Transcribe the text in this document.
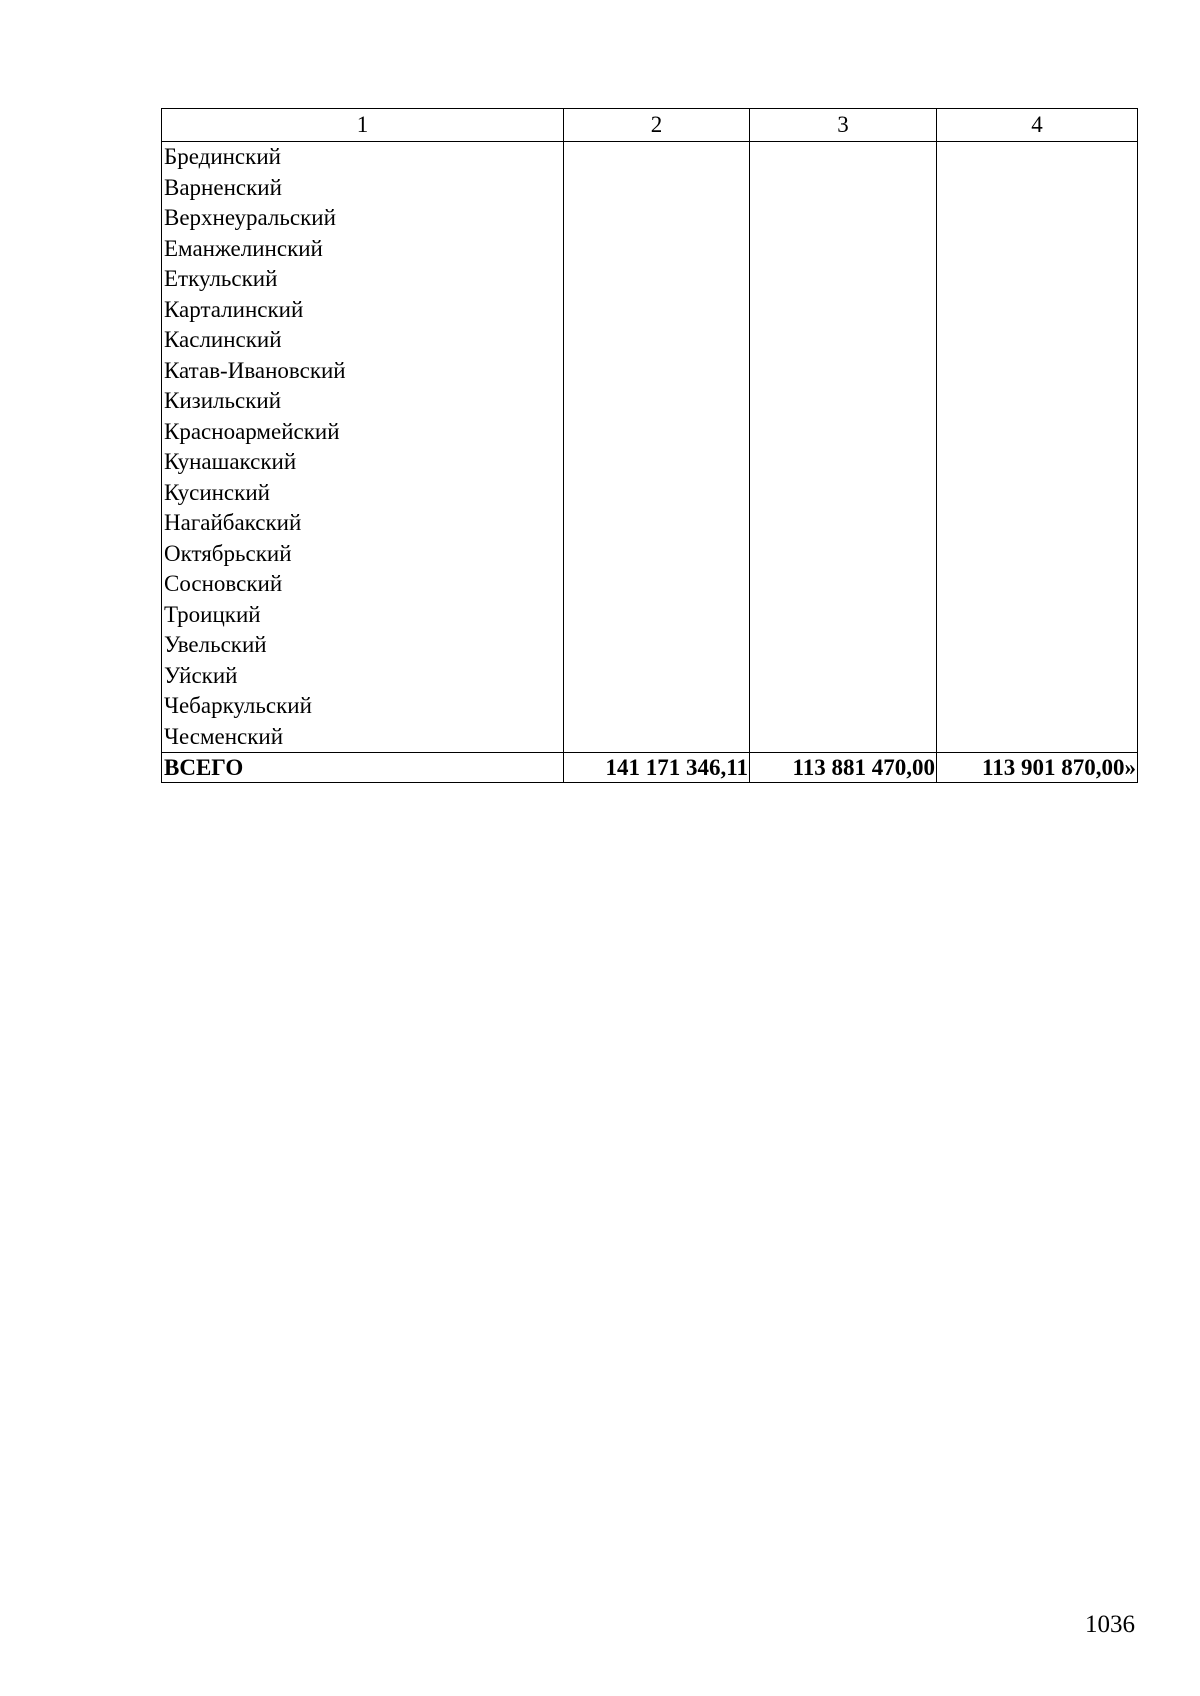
1	2	3	4
Брединский			
Варненский			
Верхнеуральский			
Еманжелинский			
Еткульский			
Карталинский			
Каслинский			
Катав-Ивановский			
Кизильский			
Красноармейский			
Кунашакский			
Кусинский			
Нагайбакский			
Октябрьский			
Сосновский			
Троицкий			
Увельский			
Уйский			
Чебаркульский			
Чесменский			
ВСЕГО	141 171 346,11	113 881 470,00	113 901 870,00»
1036
